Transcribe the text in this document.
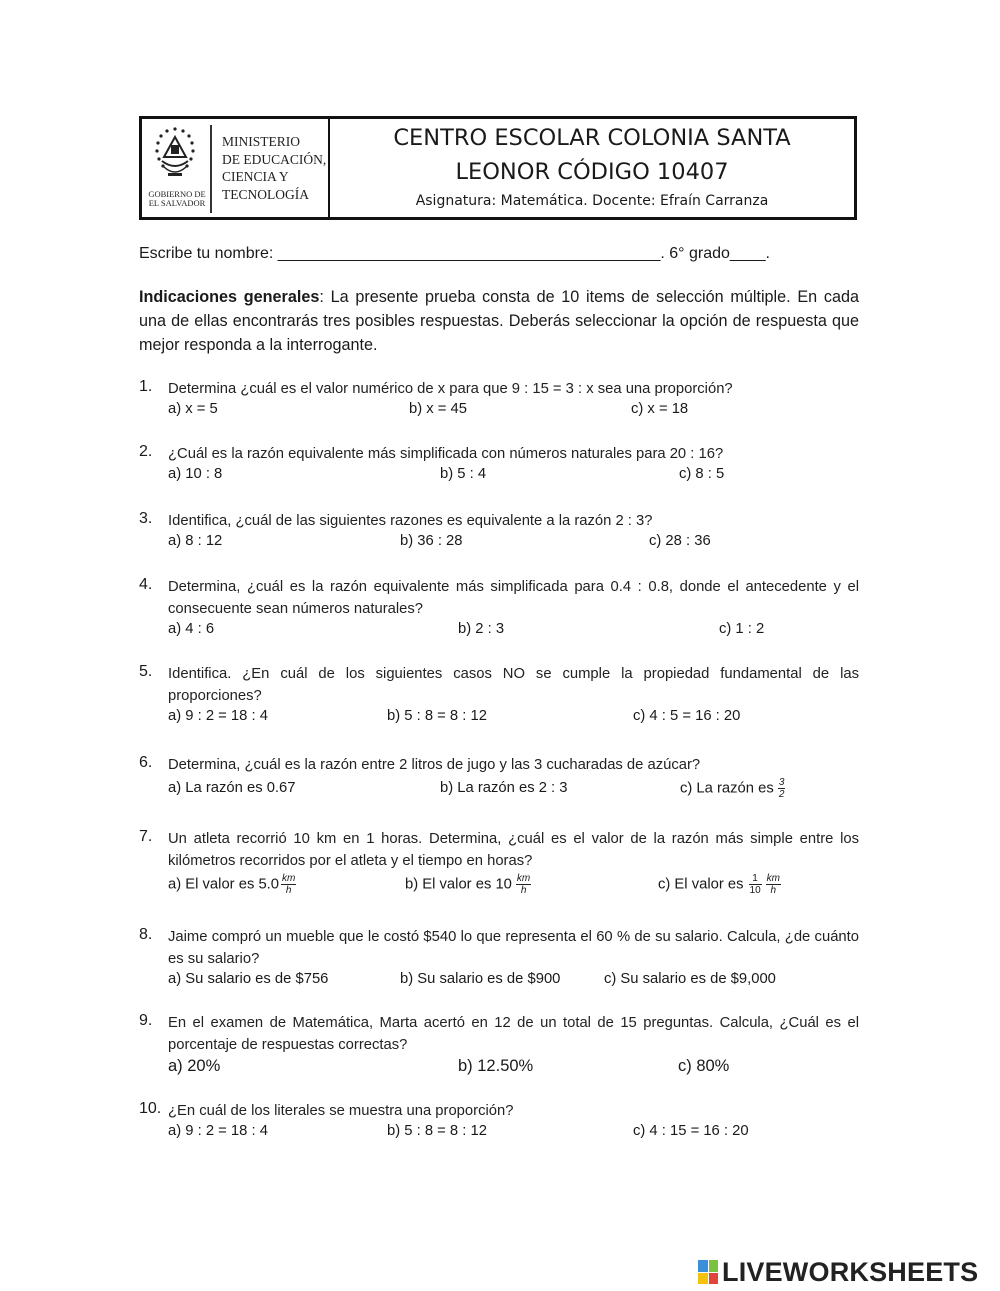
GOBIERNO DE EL SALVADOR
MINISTERIO
DE EDUCACIÓN,
CIENCIA Y
TECNOLOGÍA
CENTRO ESCOLAR COLONIA SANTA
LEONOR CÓDIGO 10407
Asignatura: Matemática. Docente: Efraín Carranza
Escribe tu nombre: ___________________________________________. 6° grado____.
Indicaciones generales: La presente prueba consta de 10 items de selección múltiple. En cada una de ellas encontrarás tres posibles respuestas. Deberás seleccionar la opción de respuesta que mejor responda a la interrogante.
1. Determina ¿cuál es el valor numérico de x para que 9 : 15 = 3 : x sea una proporción?
a) x = 5	b) x = 45	c) x = 18
2. ¿Cuál es la razón equivalente más simplificada con números naturales para 20 : 16?
a) 10 : 8	b) 5 : 4	c) 8 : 5
3. Identifica, ¿cuál de las siguientes razones es equivalente a la razón 2 : 3?
a) 8 : 12	b) 36 : 28	c) 28 : 36
4. Determina, ¿cuál es la razón equivalente más simplificada para 0.4 : 0.8, donde el antecedente y el consecuente sean números naturales?
a) 4 : 6	b) 2 : 3	c) 1 : 2
5. Identifica. ¿En cuál de los siguientes casos NO se cumple la propiedad fundamental de las proporciones?
a) 9 : 2 = 18 : 4	b) 5 : 8 = 8 : 12	c) 4 : 5 = 16 : 20
6. Determina, ¿cuál es la razón entre 2 litros de jugo y las 3 cucharadas de azúcar?
a) La razón es 0.67	b) La razón es 2 : 3	c) La razón es $\frac{3}{2}$
7. Un atleta recorrió 10 km en 1 horas. Determina, ¿cuál es el valor de la razón más simple entre los kilómetros recorridos por el atleta y el tiempo en horas?
a) El valor es $5.0 \frac{km}{h}$	b) El valor es $10 \frac{km}{h}$	c) El valor es $\frac{1}{10} \frac{km}{h}$
8. Jaime compró un mueble que le costó $540 lo que representa el 60 % de su salario. Calcula, ¿de cuánto es su salario?
a) Su salario es de $756	b) Su salario es de $900	c) Su salario es de $9,000
9. En el examen de Matemática, Marta acertó en 12 de un total de 15 preguntas. Calcula, ¿Cuál es el porcentaje de respuestas correctas?
a) 20%	b) 12.50%	c) 80%
10. ¿En cuál de los literales se muestra una proporción?
a) 9 : 2 = 18 : 4	b) 5 : 8 = 8 : 12	c) 4 : 15 = 16 : 20
LIVEWORKSHEETS
